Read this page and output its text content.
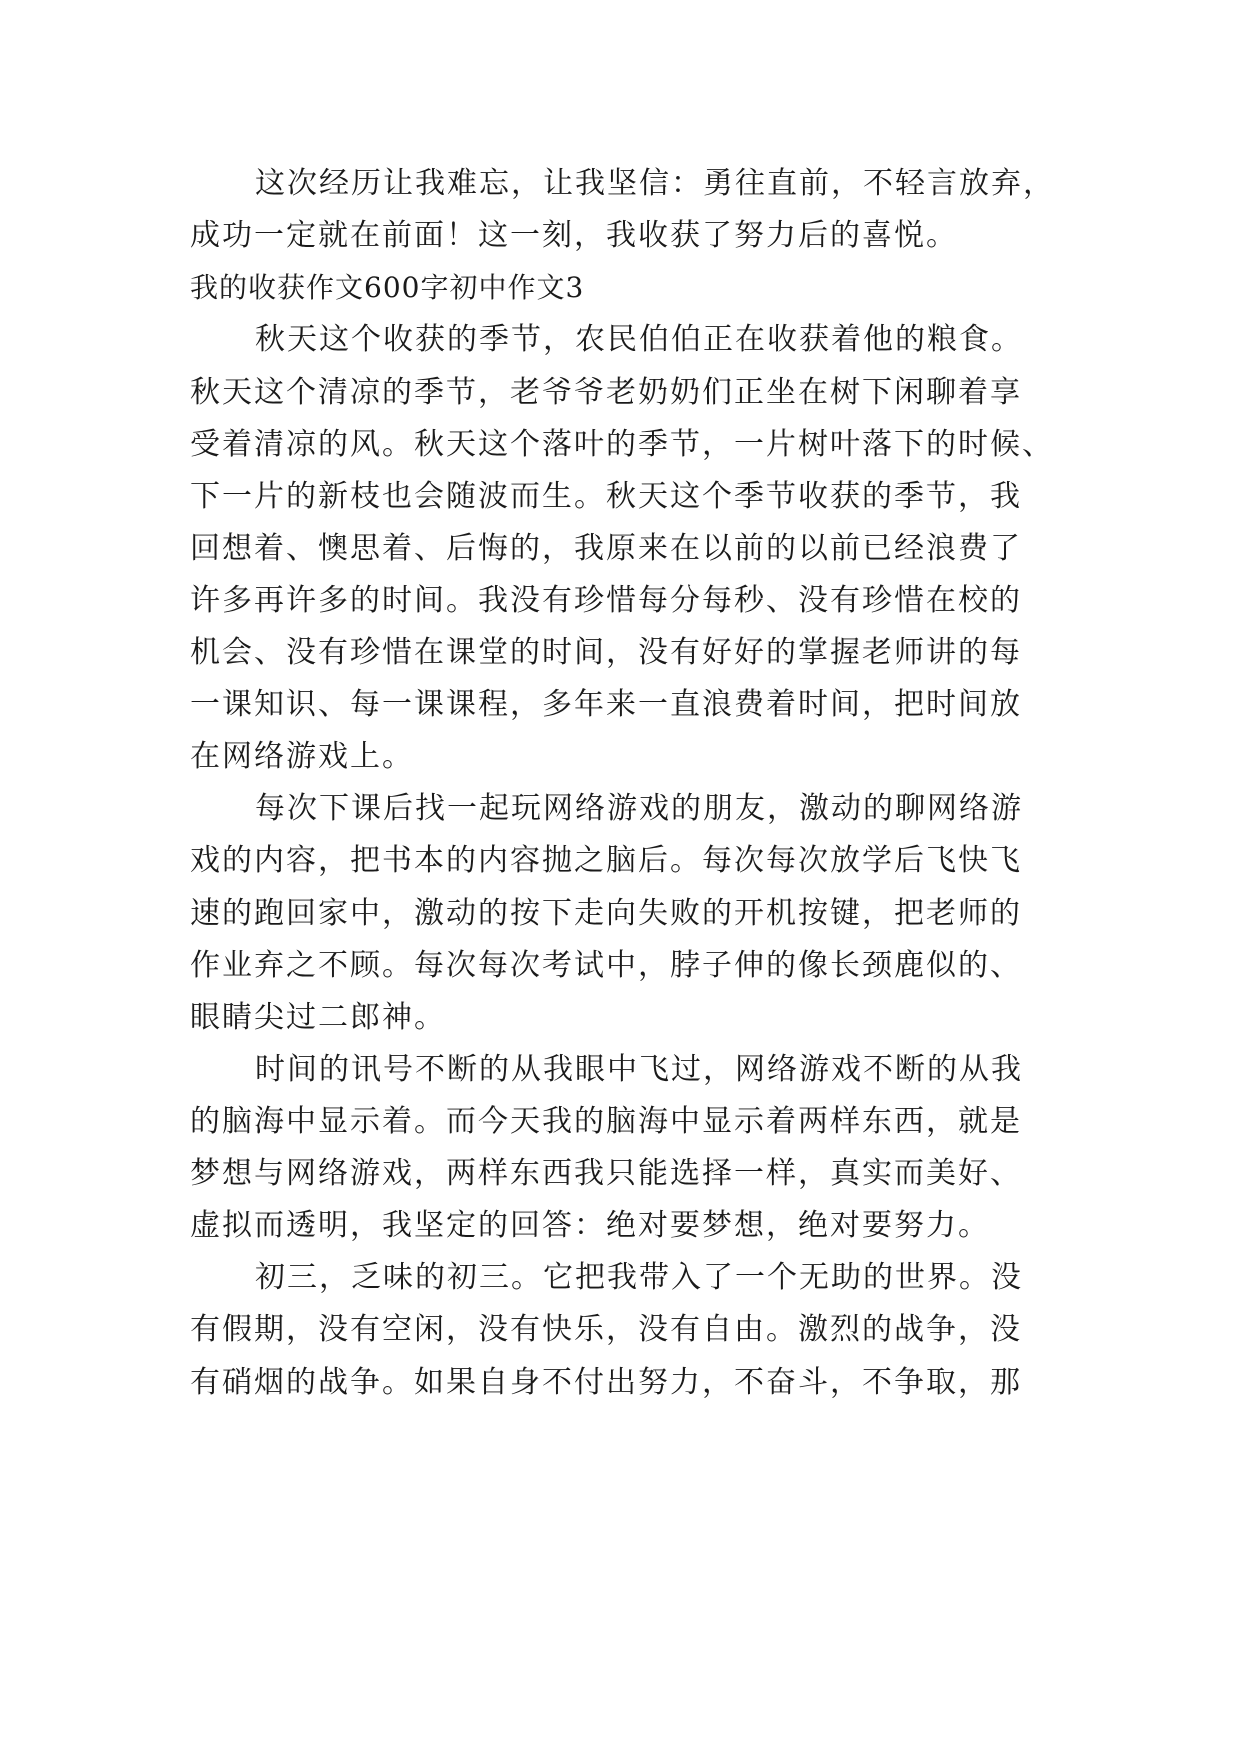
这次经历让我难忘，让我坚信：勇往直前，不轻言放弃，
成功一定就在前面！这一刻，我收获了努力后的喜悦。
我的收获作文600字初中作文3
秋天这个收获的季节，农民伯伯正在收获着他的粮食。
秋天这个清凉的季节，老爷爷老奶奶们正坐在树下闲聊着享
受着清凉的风。秋天这个落叶的季节，一片树叶落下的时候、
下一片的新枝也会随波而生。秋天这个季节收获的季节，我
回想着、懊思着、后悔的，我原来在以前的以前已经浪费了
许多再许多的时间。我没有珍惜每分每秒、没有珍惜在校的
机会、没有珍惜在课堂的时间，没有好好的掌握老师讲的每
一课知识、每一课课程，多年来一直浪费着时间，把时间放
在网络游戏上。
每次下课后找一起玩网络游戏的朋友，激动的聊网络游
戏的内容，把书本的内容抛之脑后。每次每次放学后飞快飞
速的跑回家中，激动的按下走向失败的开机按键，把老师的
作业弃之不顾。每次每次考试中，脖子伸的像长颈鹿似的、
眼睛尖过二郎神。
时间的讯号不断的从我眼中飞过，网络游戏不断的从我
的脑海中显示着。而今天我的脑海中显示着两样东西，就是
梦想与网络游戏，两样东西我只能选择一样，真实而美好、
虚拟而透明，我坚定的回答：绝对要梦想，绝对要努力。
初三，乏味的初三。它把我带入了一个无助的世界。没
有假期，没有空闲，没有快乐，没有自由。激烈的战争，没
有硝烟的战争。如果自身不付出努力，不奋斗，不争取，那
